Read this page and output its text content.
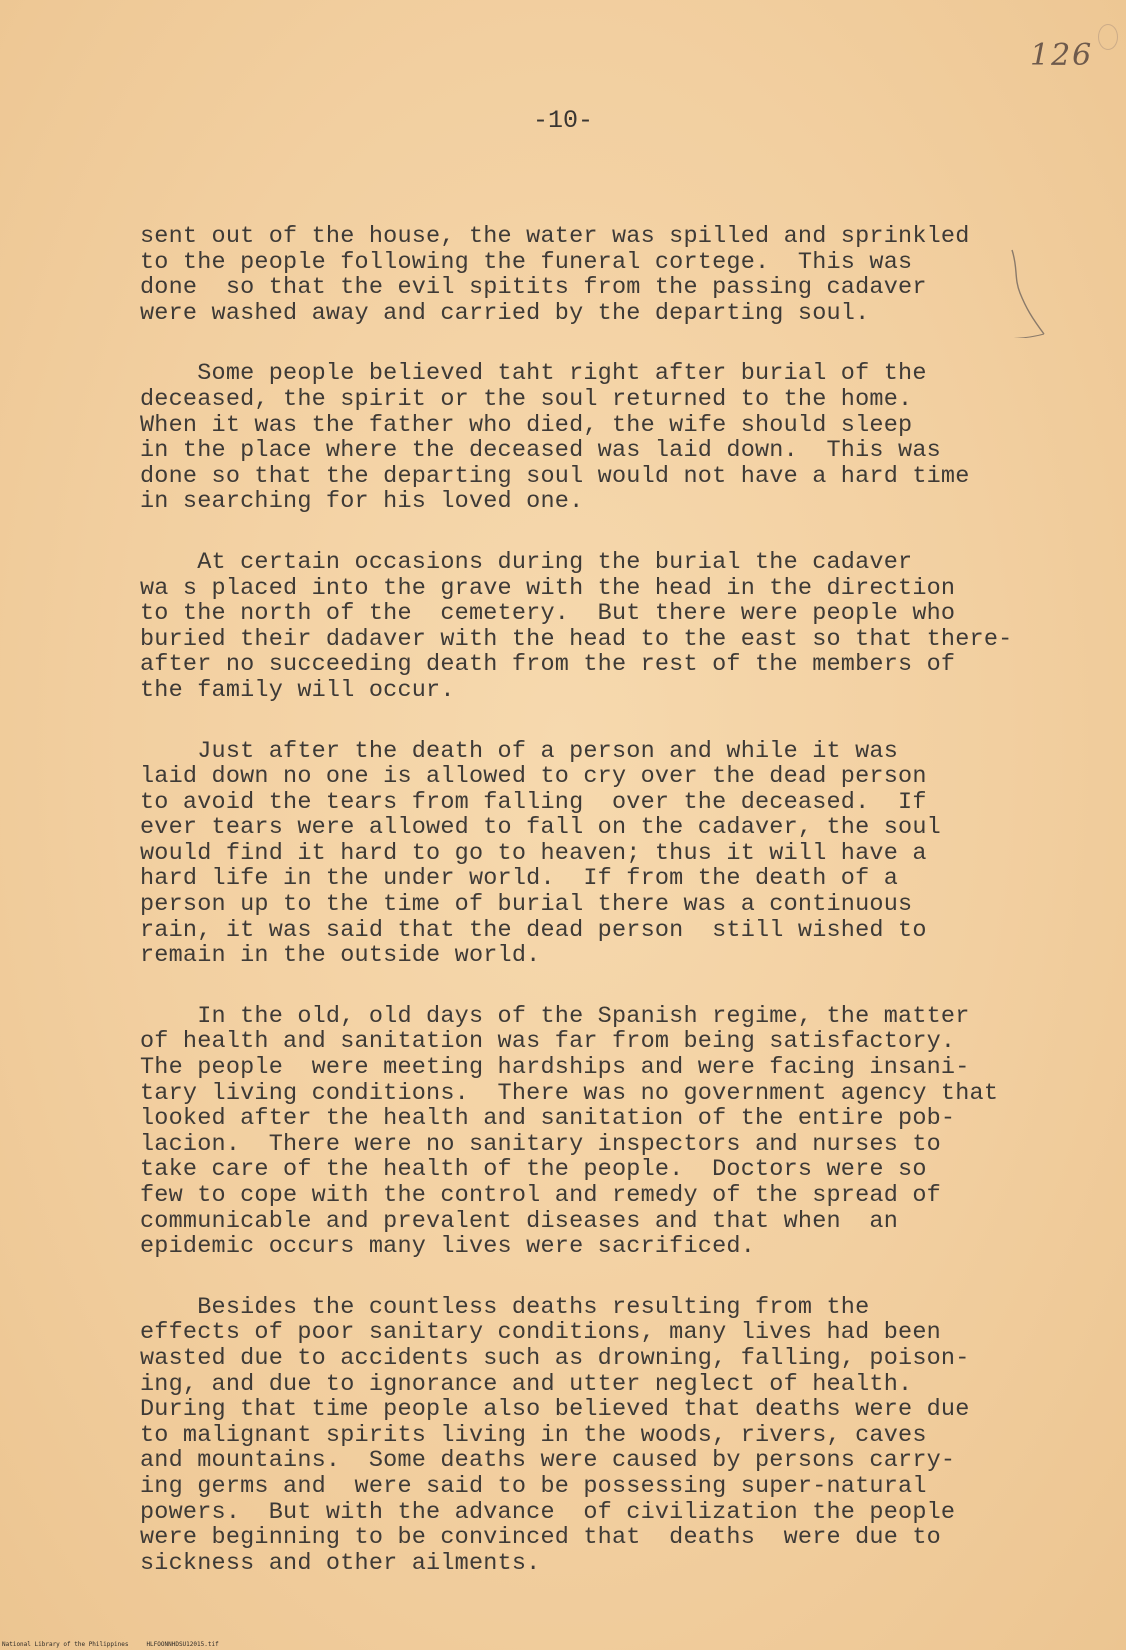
126
-10-
sent out of the house, the water was spilled and sprinkled
to the people following the funeral cortege.  This was
done  so that the evil spitits from the passing cadaver
were washed away and carried by the departing soul.
Some people believed taht right after burial of the
deceased, the spirit or the soul returned to the home.
When it was the father who died, the wife should sleep
in the place where the deceased was laid down.  This was
done so that the departing soul would not have a hard time
in searching for his loved one.
At certain occasions during the burial the cadaver
wa s placed into the grave with the head in the direction
to the north of the  cemetery.  But there were people who
buried their dadaver with the head to the east so that there-
after no succeeding death from the rest of the members of
the family will occur.
Just after the death of a person and while it was
laid down no one is allowed to cry over the dead person
to avoid the tears from falling  over the deceased.  If
ever tears were allowed to fall on the cadaver, the soul
would find it hard to go to heaven; thus it will have a
hard life in the under world.  If from the death of a
person up to the time of burial there was a continuous
rain, it was said that the dead person  still wished to
remain in the outside world.
In the old, old days of the Spanish regime, the matter
of health and sanitation was far from being satisfactory.
The people  were meeting hardships and were facing insani-
tary living conditions.  There was no government agency that
looked after the health and sanitation of the entire pob-
lacion.  There were no sanitary inspectors and nurses to
take care of the health of the people.  Doctors were so
few to cope with the control and remedy of the spread of
communicable and prevalent diseases and that when  an
epidemic occurs many lives were sacrificed.
Besides the countless deaths resulting from the
effects of poor sanitary conditions, many lives had been
wasted due to accidents such as drowning, falling, poison-
ing, and due to ignorance and utter neglect of health.
During that time people also believed that deaths were due
to malignant spirits living in the woods, rivers, caves
and mountains.  Some deaths were caused by persons carry-
ing germs and  were said to be possessing super-natural
powers.  But with the advance  of civilization the people
were beginning to be convinced that  deaths  were due to
sickness and other ailments.
National Library of the Philippines	HLFOONNHDSU12015.tif
